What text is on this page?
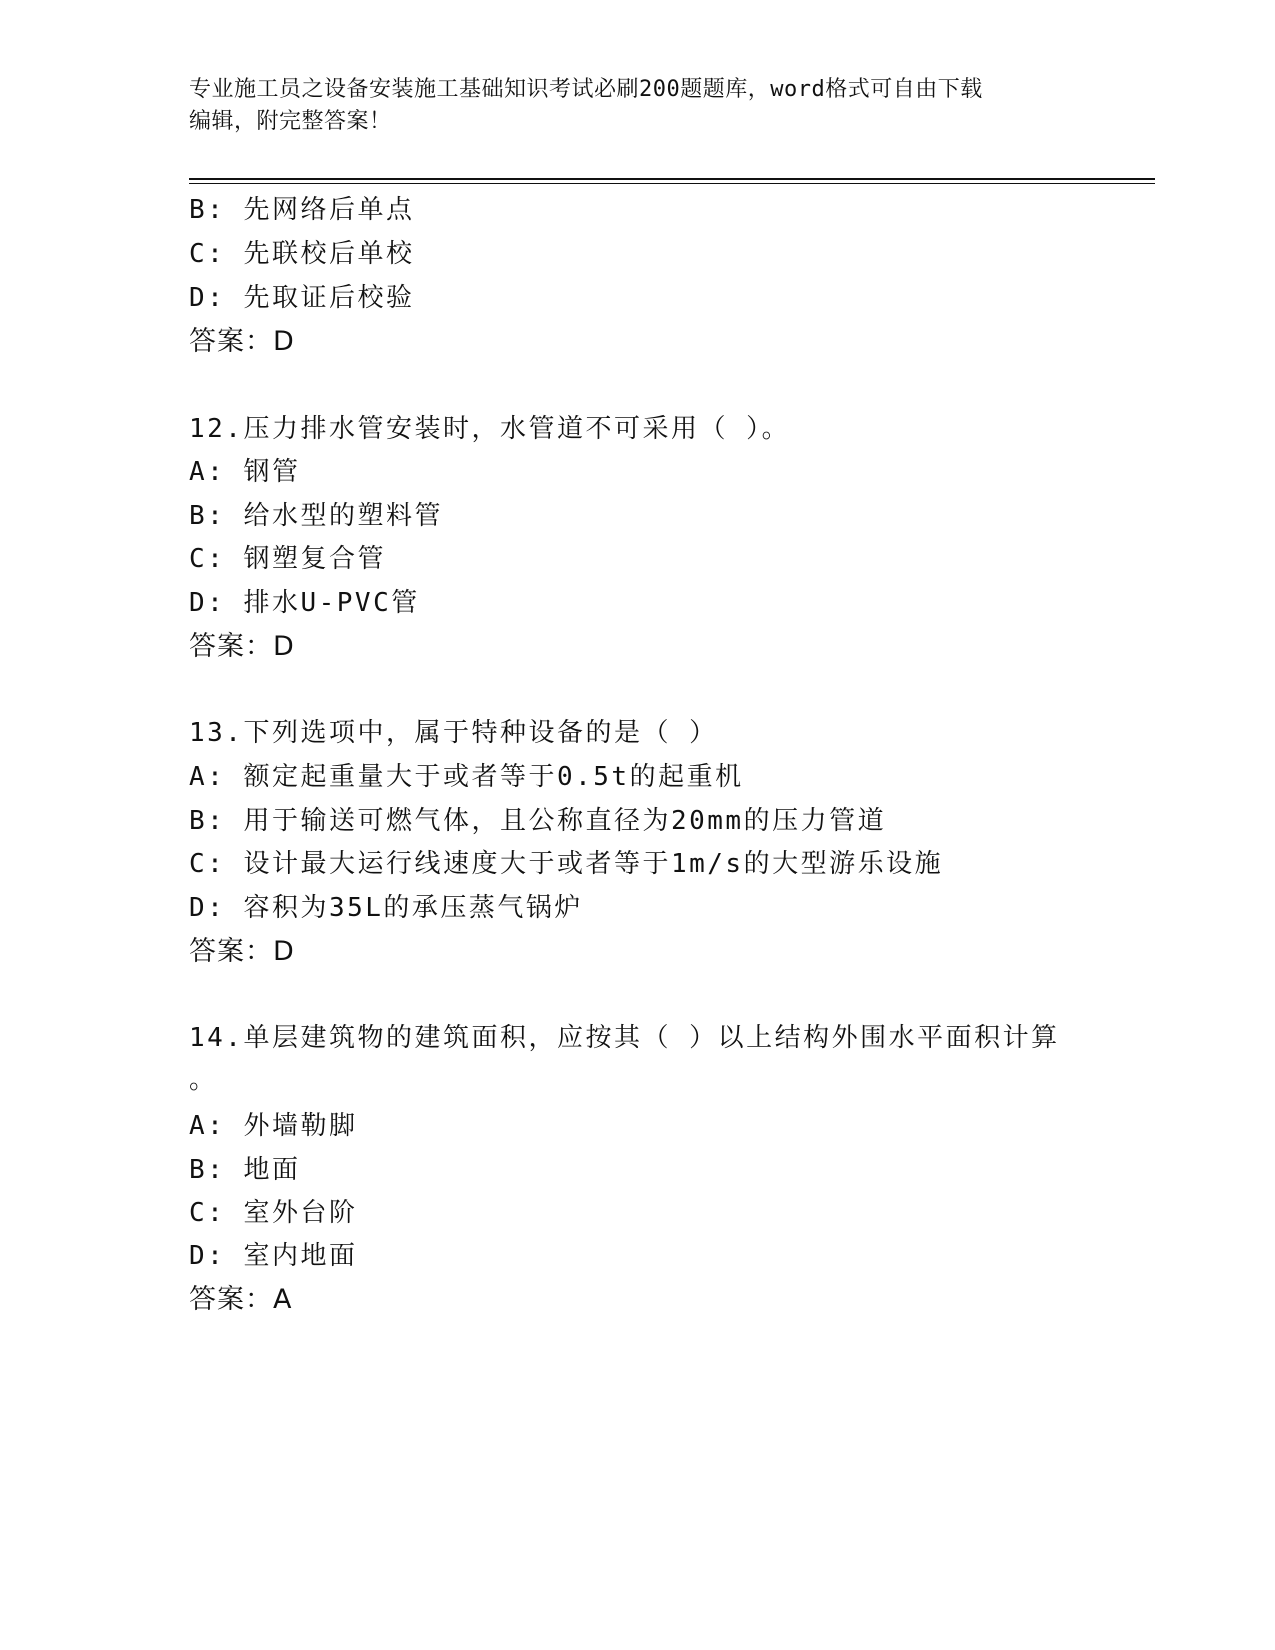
专业施工员之设备安装施工基础知识考试必刷200题题库，word格式可自由下载
编辑，附完整答案！
B: 先网络后单点
C: 先联校后单校
D: 先取证后校验
答案：D
12.压力排水管安装时，水管道不可采用（ ）。
A: 钢管
B: 给水型的塑料管
C: 钢塑复合管
D: 排水U-PVC管
答案：D
13.下列选项中，属于特种设备的是（ ）
A: 额定起重量大于或者等于0.5t的起重机
B: 用于输送可燃气体，且公称直径为20mm的压力管道
C: 设计最大运行线速度大于或者等于1m/s的大型游乐设施
D: 容积为35L的承压蒸气锅炉
答案：D
14.单层建筑物的建筑面积，应按其（ ）以上结构外围水平面积计算
。
A: 外墙勒脚
B: 地面
C: 室外台阶
D: 室内地面
答案：A
